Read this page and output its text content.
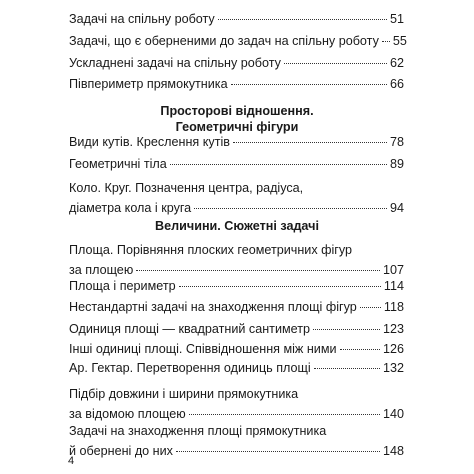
Задачі на спільну роботу	51
Задачі, що є оберненими до задач на спільну роботу 55
Ускладнені задачі на спільну роботу	62
Півпериметр прямокутника	66
Просторові відношення.
Геометричні фігури
Види кутів. Креслення кутів	78
Геометричні тіла	89
Коло. Круг. Позначення центра, радіуса,
діаметра кола і круга	94
Величини. Сюжетні задачі
Площа. Порівняння плоских геометричних фігур
за площею	107
Площа і периметр	114
Нестандартні задачі на знаходження площі фігур 118
Одиниця площі — квадратний сантиметр	123
Інші одиниці площі. Співвідношення між ними	126
Ар. Гектар. Перетворення одиниць площі	132
Підбір довжини і ширини прямокутника
за відомою площею	140
Задачі на знаходження площі прямокутника
й обернені до них	148
4
